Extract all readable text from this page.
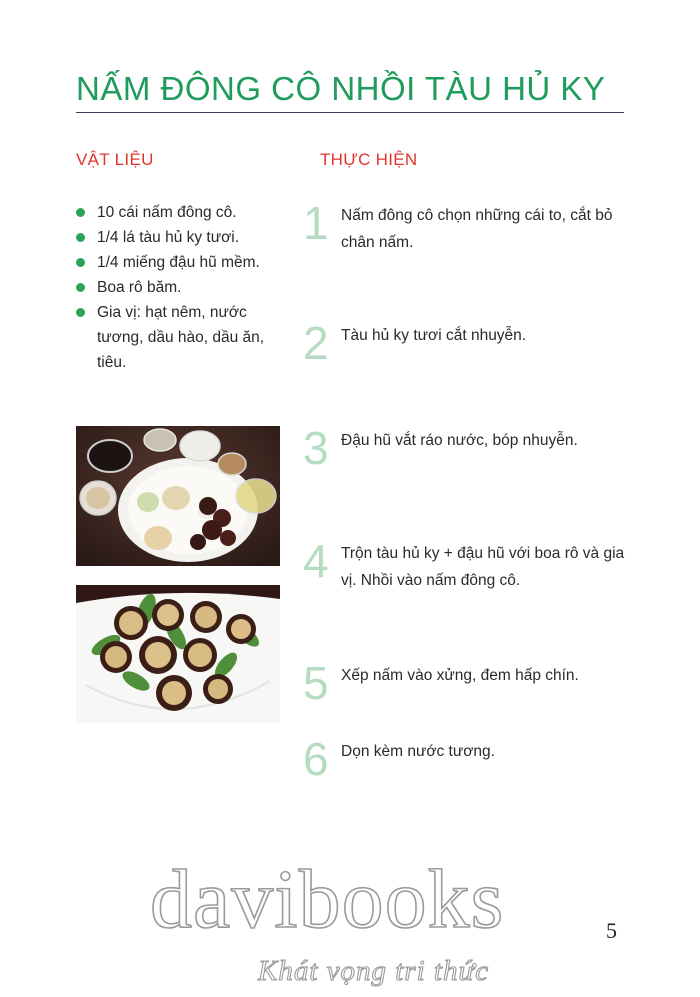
NẤM ĐÔNG CÔ NHỒI TÀU HỦ KY
VẬT LIỆU	THỰC HIỆN
10 cái nấm đông cô.
1/4 lá tàu hủ ky tươi.
1/4 miếng đậu hũ mềm.
Boa rô băm.
Gia vị: hạt nêm, nước tương, dầu hào, dầu ăn, tiêu.
1 Nấm đông cô chọn những cái to, cắt bỏ chân nấm.
2 Tàu hủ ky tươi cắt nhuyễn.
3 Đậu hũ vắt ráo nước, bóp nhuyễn.
4 Trộn tàu hủ ky + đậu hũ với boa rô và gia vị. Nhồi vào nấm đông cô.
5 Xếp nấm vào xửng, đem hấp chín.
6 Dọn kèm nước tương.
davibooks
Khát vọng tri thức
5
